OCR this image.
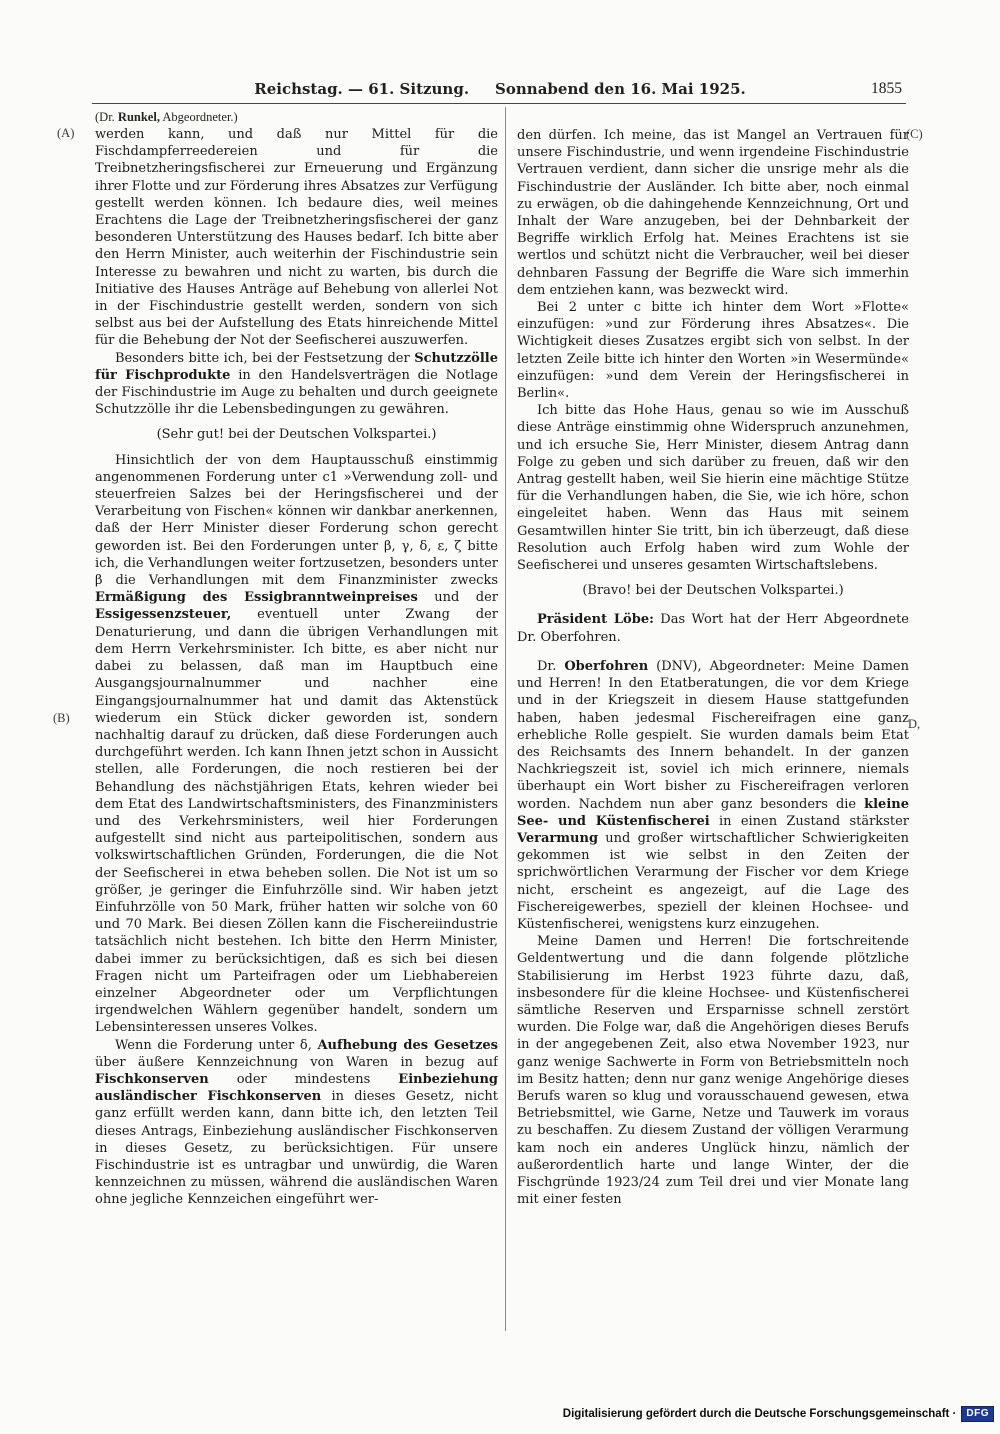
Reichstag. — 61. Sitzung. Sonnabend den 16. Mai 1925.	1855
(A)
(B)
(C)
D,

(Dr. Runkel, Abgeordneter.)

werden kann, und daß nur Mittel für die Fischdampferreedereien und für die Treibnetzheringsfischerei zur Erneuerung und Ergänzung ihrer Flotte und zur Förderung ihres Absatzes zur Verfügung gestellt werden können. Ich bedaure dies, weil meines Erachtens die Lage der Treibnetzheringsfischerei der ganz besonderen Unterstützung des Hauses bedarf. Ich bitte aber den Herrn Minister, auch weiterhin der Fischindustrie sein Interesse zu bewahren und nicht zu warten, bis durch die Initiative des Hauses Anträge auf Behebung von allerlei Not in der Fischindustrie gestellt werden, sondern von sich selbst aus bei der Aufstellung des Etats hinreichende Mittel für die Behebung der Not der Seefischerei auszuwerfen.

Besonders bitte ich, bei der Festsetzung der Schutzzölle für Fischprodukte in den Handelsverträgen die Notlage der Fischindustrie im Auge zu behalten und durch geeignete Schutzzölle ihr die Lebensbedingungen zu gewähren.

(Sehr gut! bei der Deutschen Volkspartei.)

Hinsichtlich der von dem Hauptausschuß einstimmig angenommenen Forderung unter c1 »Verwendung zoll- und steuerfreien Salzes bei der Heringsfischerei und der Verarbeitung von Fischen« können wir dankbar anerkennen, daß der Herr Minister dieser Forderung schon gerecht geworden ist. Bei den Forderungen unter β, γ, δ, ε, ζ bitte ich, die Verhandlungen weiter fortzusetzen, besonders unter β die Verhandlungen mit dem Finanzminister zwecks Ermäßigung des Essigbranntweinpreises und der Essigessenzsteuer, eventuell unter Zwang der Denaturierung, und dann die übrigen Verhandlungen mit dem Herrn Verkehrsminister. Ich bitte, es aber nicht nur dabei zu belassen, daß man im Hauptbuch eine Ausgangsjournalnummer und nachher eine Eingangsjournalnummer hat und damit das Aktenstück wiederum ein Stück dicker geworden ist, sondern nachhaltig darauf zu drücken, daß diese Forderungen auch durchgeführt werden. Ich kann Ihnen jetzt schon in Aussicht stellen, alle Forderungen, die noch restieren bei der Behandlung des nächstjährigen Etats, kehren wieder bei dem Etat des Landwirtschaftsministers, des Finanzministers und des Verkehrsministers, weil hier Forderungen aufgestellt sind nicht aus parteipolitischen, sondern aus volkswirtschaftlichen Gründen, Forderungen, die die Not der Seefischerei in etwa beheben sollen. Die Not ist um so größer, je geringer die Einfuhrzölle sind. Wir haben jetzt Einfuhrzölle von 50 Mark, früher hatten wir solche von 60 und 70 Mark. Bei diesen Zöllen kann die Fischereiindustrie tatsächlich nicht bestehen. Ich bitte den Herrn Minister, dabei immer zu berücksichtigen, daß es sich bei diesen Fragen nicht um Parteifragen oder um Liebhabereien einzelner Abgeordneter oder um Verpflichtungen irgendwelchen Wählern gegenüber handelt, sondern um Lebensinteressen unseres Volkes.

Wenn die Forderung unter δ, Aufhebung des Gesetzes über äußere Kennzeichnung von Waren in bezug auf Fischkonserven oder mindestens Einbeziehung ausländischer Fischkonserven in dieses Gesetz, nicht ganz erfüllt werden kann, dann bitte ich, den letzten Teil dieses Antrags, Einbeziehung ausländischer Fischkonserven in dieses Gesetz, zu berücksichtigen. Für unsere Fischindustrie ist es untragbar und unwürdig, die Waren kennzeichnen zu müssen, während die ausländischen Waren ohne jegliche Kennzeichen eingeführt wer-

den dürfen. Ich meine, das ist Mangel an Vertrauen für unsere Fischindustrie, und wenn irgendeine Fischindustrie Vertrauen verdient, dann sicher die unsrige mehr als die Fischindustrie der Ausländer. Ich bitte aber, noch einmal zu erwägen, ob die dahingehende Kennzeichnung, Ort und Inhalt der Ware anzugeben, bei der Dehnbarkeit der Begriffe wirklich Erfolg hat. Meines Erachtens ist sie wertlos und schützt nicht die Verbraucher, weil bei dieser dehnbaren Fassung der Begriffe die Ware sich immerhin dem entziehen kann, was bezweckt wird.

Bei 2 unter c bitte ich hinter dem Wort »Flotte« einzufügen: »und zur Förderung ihres Absatzes«. Die Wichtigkeit dieses Zusatzes ergibt sich von selbst. In der letzten Zeile bitte ich hinter den Worten »in Wesermünde« einzufügen: »und dem Verein der Heringsfischerei in Berlin«.

Ich bitte das Hohe Haus, genau so wie im Ausschuß diese Anträge einstimmig ohne Widerspruch anzunehmen, und ich ersuche Sie, Herr Minister, diesem Antrag dann Folge zu geben und sich darüber zu freuen, daß wir den Antrag gestellt haben, weil Sie hierin eine mächtige Stütze für die Verhandlungen haben, die Sie, wie ich höre, schon eingeleitet haben. Wenn das Haus mit seinem Gesamtwillen hinter Sie tritt, bin ich überzeugt, daß diese Resolution auch Erfolg haben wird zum Wohle der Seefischerei und unseres gesamten Wirtschaftslebens.

(Bravo! bei der Deutschen Volkspartei.)

Präsident Löbe: Das Wort hat der Herr Abgeordnete Dr. Oberfohren.

Dr. Oberfohren (DNV), Abgeordneter: Meine Damen und Herren! In den Etatberatungen, die vor dem Kriege und in der Kriegszeit in diesem Hause stattgefunden haben, haben jedesmal Fischereifragen eine ganz erhebliche Rolle gespielt. Sie wurden damals beim Etat des Reichsamts des Innern behandelt. In der ganzen Nachkriegszeit ist, soviel ich mich erinnere, niemals überhaupt ein Wort bisher zu Fischereifragen verloren worden. Nachdem nun aber ganz besonders die kleine See- und Küstenfischerei in einen Zustand stärkster Verarmung und großer wirtschaftlicher Schwierigkeiten gekommen ist wie selbst in den Zeiten der sprichwörtlichen Verarmung der Fischer vor dem Kriege nicht, erscheint es angezeigt, auf die Lage des Fischereigewerbes, speziell der kleinen Hochsee- und Küstenfischerei, wenigstens kurz einzugehen.

Meine Damen und Herren! Die fortschreitende Geldentwertung und die dann folgende plötzliche Stabilisierung im Herbst 1923 führte dazu, daß, insbesondere für die kleine Hochsee- und Küstenfischerei sämtliche Reserven und Ersparnisse schnell zerstört wurden. Die Folge war, daß die Angehörigen dieses Berufs in der angegebenen Zeit, also etwa November 1923, nur ganz wenige Sachwerte in Form von Betriebsmitteln noch im Besitz hatten; denn nur ganz wenige Angehörige dieses Berufs waren so klug und vorausschauend gewesen, etwa Betriebsmittel, wie Garne, Netze und Tauwerk im voraus zu beschaffen. Zu diesem Zustand der völligen Verarmung kam noch ein anderes Unglück hinzu, nämlich der außerordentlich harte und lange Winter, der die Fischgründe 1923/24 zum Teil drei und vier Monate lang mit einer festen

Digitalisierung gefördert durch die Deutsche Forschungsgemeinschaft ·	DFG
